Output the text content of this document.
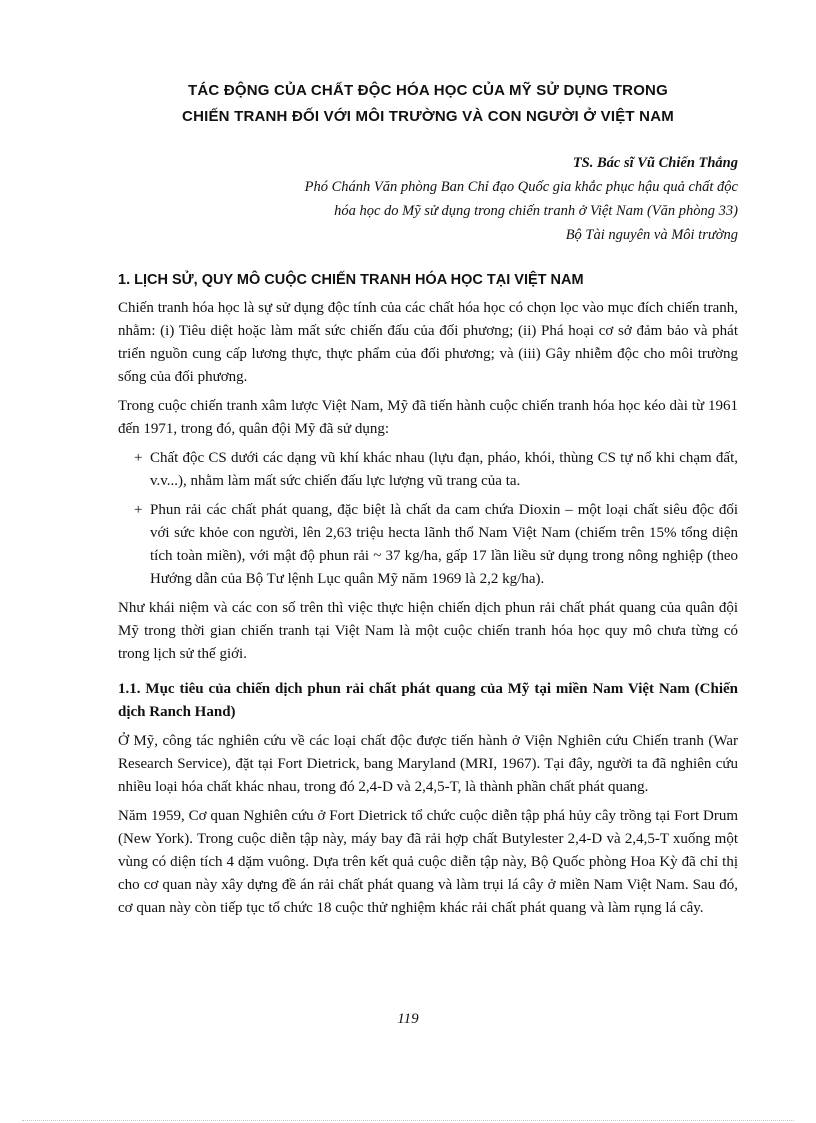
TÁC ĐỘNG CỦA CHẤT ĐỘC HÓA HỌC CỦA MỸ SỬ DỤNG TRONG

CHIẾN TRANH ĐỐI VỚI MÔI TRƯỜNG VÀ CON NGƯỜI Ở VIỆT NAM

TS. Bác sĩ Vũ Chiến Thắng
Phó Chánh Văn phòng Ban Chỉ đạo Quốc gia khắc phục hậu quả chất độc
hóa học do Mỹ sử dụng trong chiến tranh ở Việt Nam (Văn phòng 33)
Bộ Tài nguyên và Môi trường
1. LỊCH SỬ, QUY MÔ CUỘC CHIẾN TRANH HÓA HỌC TẠI VIỆT NAM

Chiến tranh hóa học là sự sử dụng độc tính của các chất hóa học có chọn lọc vào mục đích chiến tranh, nhằm: (i) Tiêu diệt hoặc làm mất sức chiến đấu của đối phương; (ii) Phá hoại cơ sở đảm bảo và phát triển nguồn cung cấp lương thực, thực phẩm của đối phương; và (iii) Gây nhiễm độc cho môi trường sống của đối phương.

Trong cuộc chiến tranh xâm lược Việt Nam, Mỹ đã tiến hành cuộc chiến tranh hóa học kéo dài từ 1961 đến 1971, trong đó, quân đội Mỹ đã sử dụng:

+ Chất độc CS dưới các dạng vũ khí khác nhau (lựu đạn, pháo, khói, thùng CS tự nổ khi chạm đất, v.v...), nhằm làm mất sức chiến đấu lực lượng vũ trang của ta.
+ Phun rải các chất phát quang, đặc biệt là chất da cam chứa Dioxin – một loại chất siêu độc đối với sức khỏe con người, lên 2,63 triệu hecta lãnh thổ Nam Việt Nam (chiếm trên 15% tổng diện tích toàn miền), với mật độ phun rải ~ 37 kg/ha, gấp 17 lần liều sử dụng trong nông nghiệp (theo Hướng dẫn của Bộ Tư lệnh Lục quân Mỹ năm 1969 là 2,2 kg/ha).

Như khái niệm và các con số trên thì việc thực hiện chiến dịch phun rải chất phát quang của quân đội Mỹ trong thời gian chiến tranh tại Việt Nam là một cuộc chiến tranh hóa học quy mô chưa từng có trong lịch sử thế giới.

1.1. Mục tiêu của chiến dịch phun rải chất phát quang của Mỹ tại miền Nam Việt Nam (Chiến dịch Ranch Hand)

Ở Mỹ, công tác nghiên cứu về các loại chất độc được tiến hành ở Viện Nghiên cứu Chiến tranh (War Research Service), đặt tại Fort Dietrick, bang Maryland (MRI, 1967). Tại đây, người ta đã nghiên cứu nhiều loại hóa chất khác nhau, trong đó 2,4-D và 2,4,5-T, là thành phần chất phát quang.

Năm 1959, Cơ quan Nghiên cứu ở Fort Dietrick tổ chức cuộc diễn tập phá hủy cây trồng tại Fort Drum (New York). Trong cuộc diễn tập này, máy bay đã rải hợp chất Butylester 2,4-D và 2,4,5-T xuống một vùng có diện tích 4 dặm vuông. Dựa trên kết quả cuộc diễn tập này, Bộ Quốc phòng Hoa Kỳ đã chỉ thị cho cơ quan này xây dựng đề án rải chất phát quang và làm trụi lá cây ở miền Nam Việt Nam. Sau đó, cơ quan này còn tiếp tục tổ chức 18 cuộc thử nghiệm khác rải chất phát quang và làm rụng lá cây.

119
